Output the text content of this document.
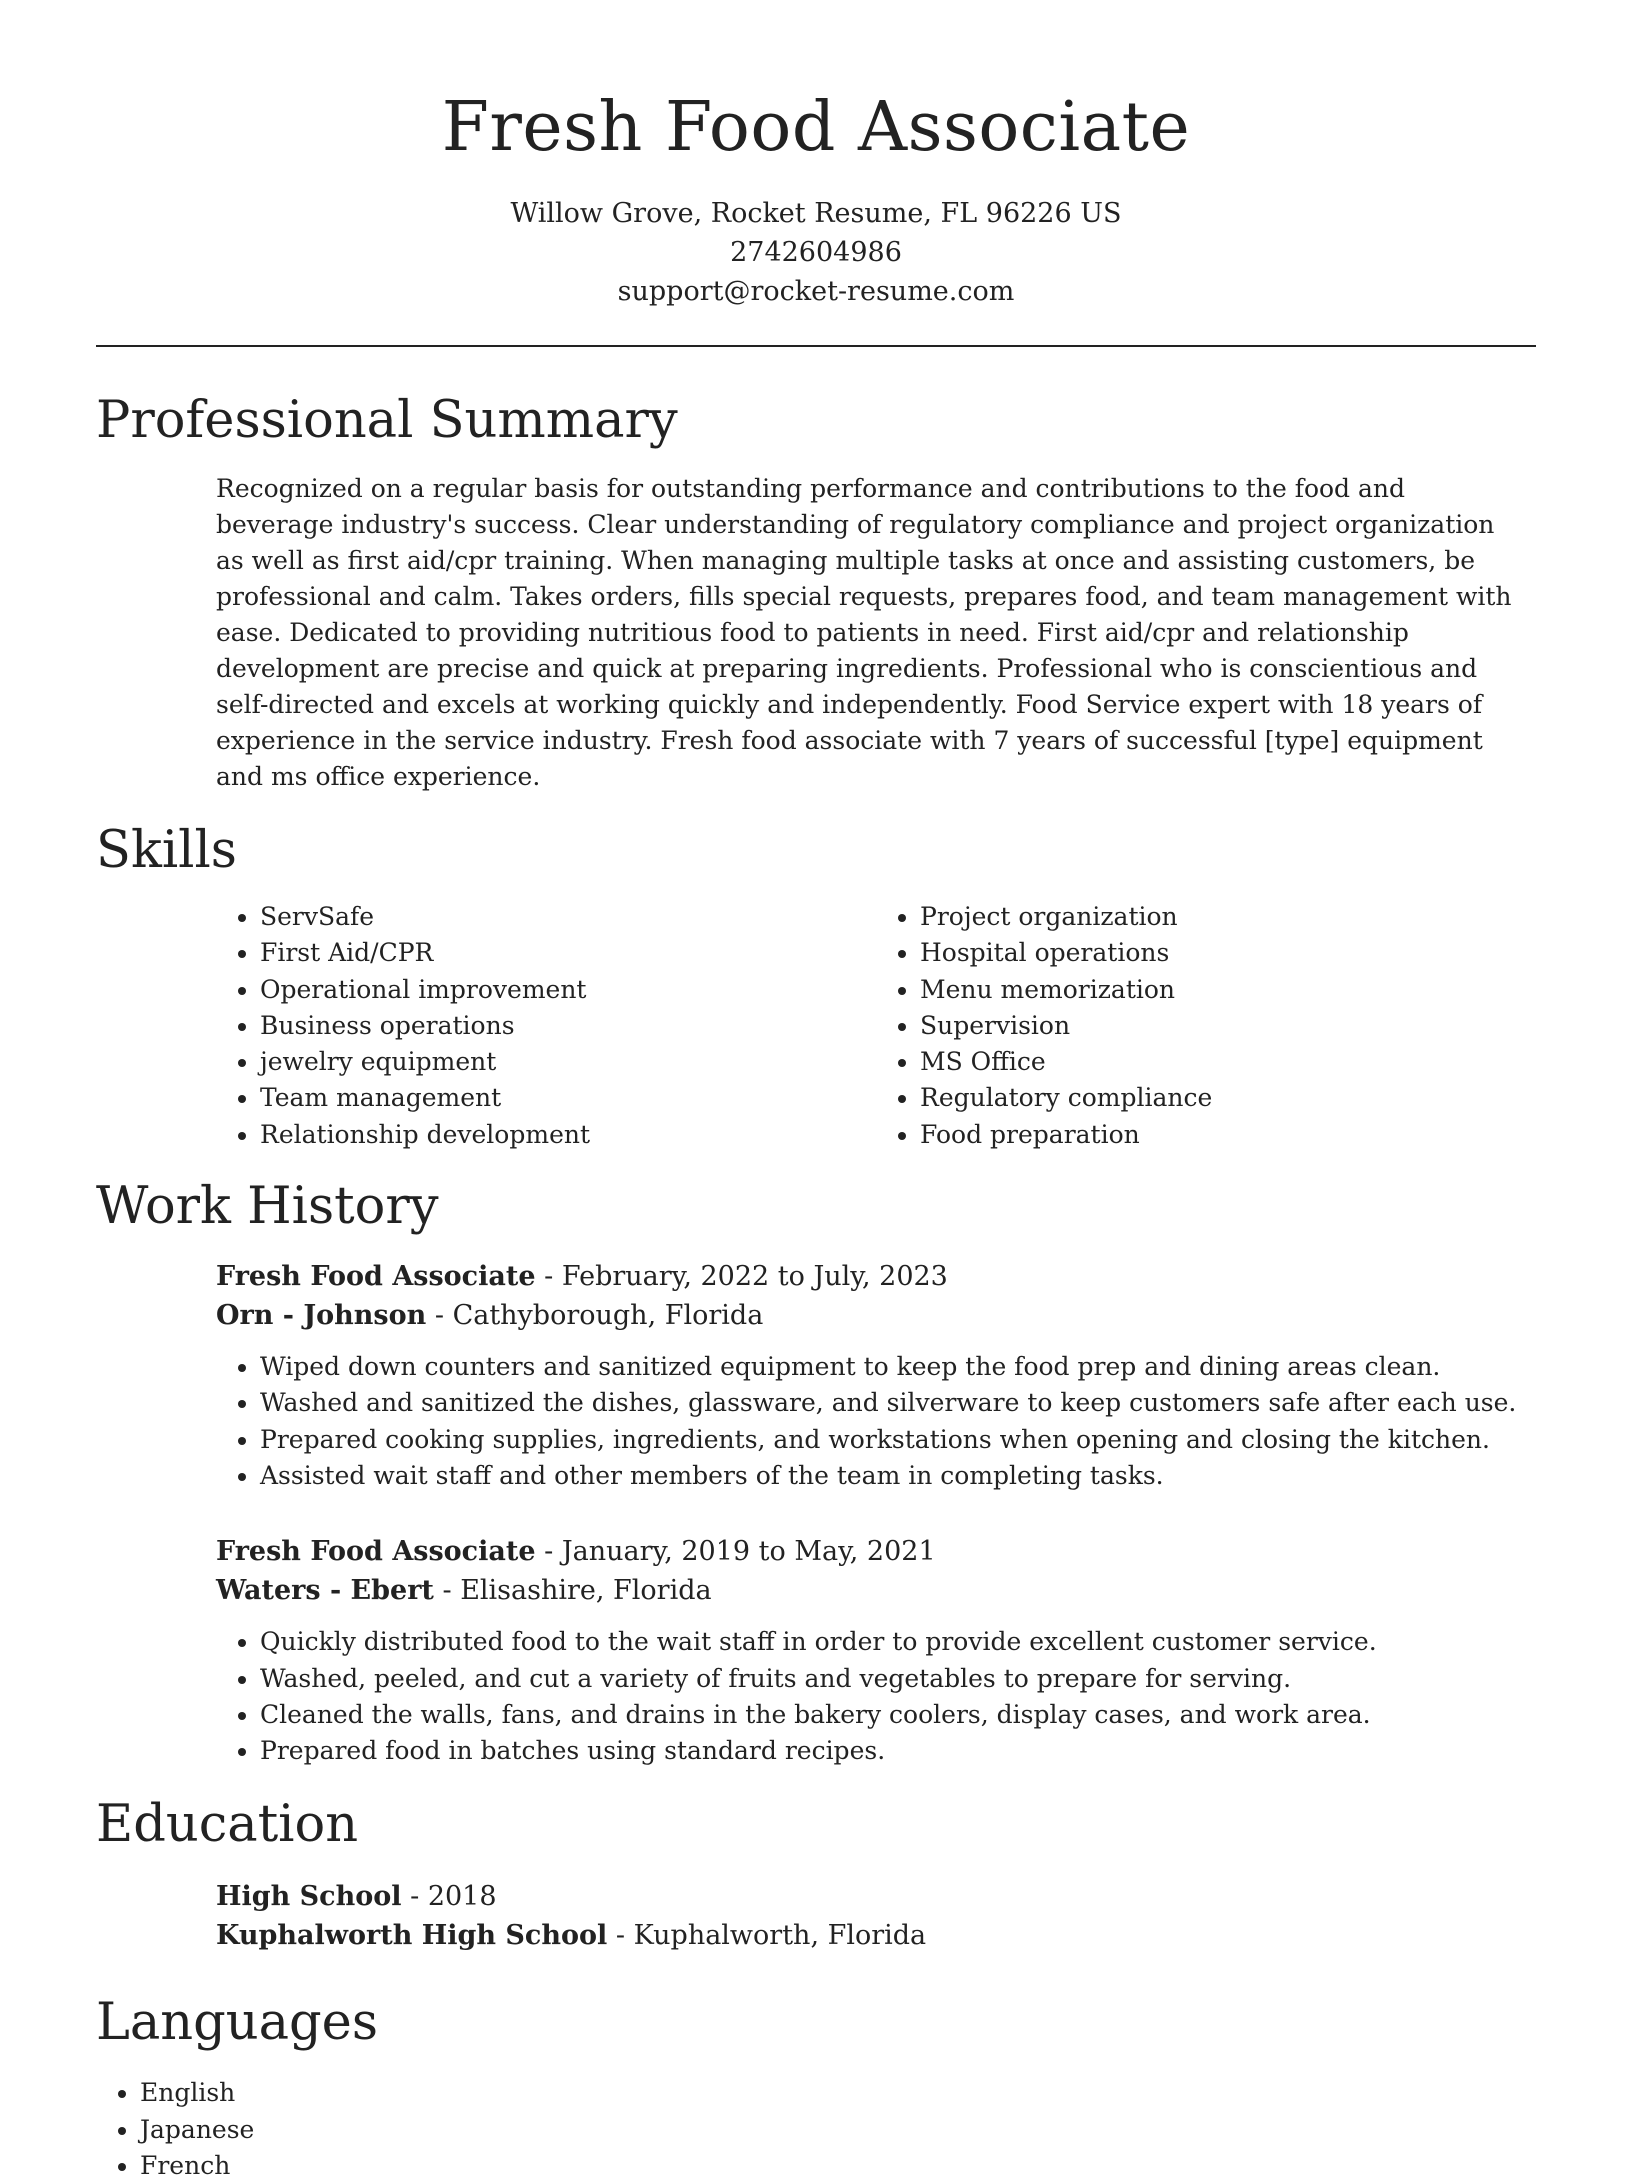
Fresh Food Associate
Willow Grove, Rocket Resume, FL 96226 US
2742604986
support@rocket-resume.com
Professional Summary
Recognized on a regular basis for outstanding performance and contributions to the food and beverage industry's success. Clear understanding of regulatory compliance and project organization as well as first aid/cpr training. When managing multiple tasks at once and assisting customers, be professional and calm. Takes orders, fills special requests, prepares food, and team management with ease. Dedicated to providing nutritious food to patients in need. First aid/cpr and relationship development are precise and quick at preparing ingredients. Professional who is conscientious and self-directed and excels at working quickly and independently. Food Service expert with 18 years of experience in the service industry. Fresh food associate with 7 years of successful [type] equipment and ms office experience.
Skills
• ServSafe
• First Aid/CPR
• Operational improvement
• Business operations
• jewelry equipment
• Team management
• Relationship development
• Project organization
• Hospital operations
• Menu memorization
• Supervision
• MS Office
• Regulatory compliance
• Food preparation
Work History
Fresh Food Associate - February, 2022 to July, 2023
Orn - Johnson - Cathyborough, Florida
• Wiped down counters and sanitized equipment to keep the food prep and dining areas clean.
• Washed and sanitized the dishes, glassware, and silverware to keep customers safe after each use.
• Prepared cooking supplies, ingredients, and workstations when opening and closing the kitchen.
• Assisted wait staff and other members of the team in completing tasks.
Fresh Food Associate - January, 2019 to May, 2021
Waters - Ebert - Elisashire, Florida
• Quickly distributed food to the wait staff in order to provide excellent customer service.
• Washed, peeled, and cut a variety of fruits and vegetables to prepare for serving.
• Cleaned the walls, fans, and drains in the bakery coolers, display cases, and work area.
• Prepared food in batches using standard recipes.
Education
High School - 2018
Kuphalworth High School - Kuphalworth, Florida
Languages
• English
• Japanese
• French
